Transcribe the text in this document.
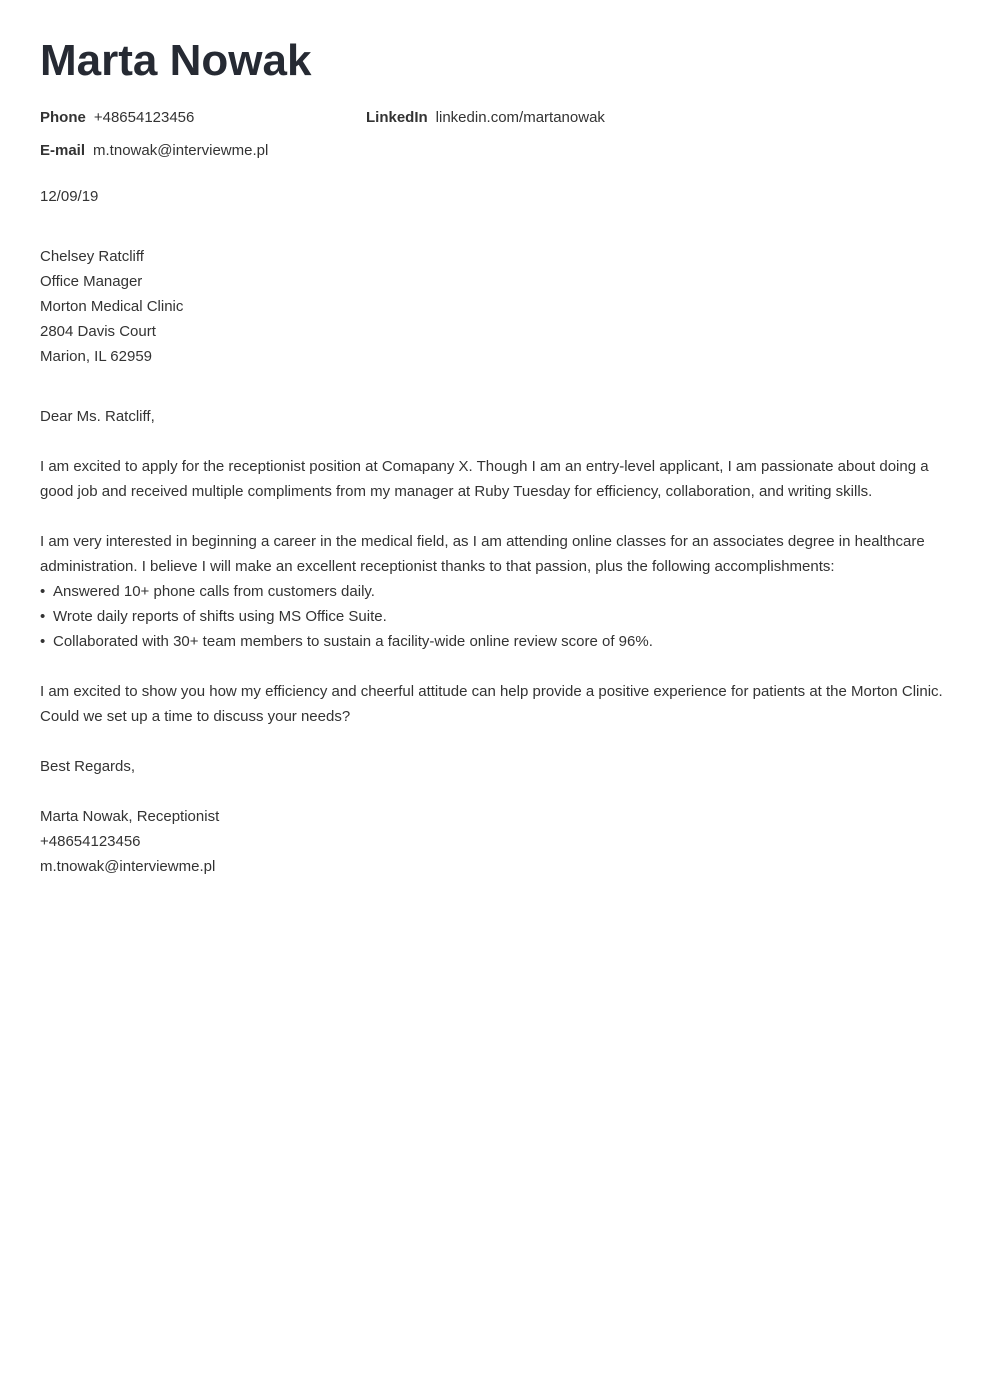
Marta Nowak
Phone +48654123456	LinkedIn linkedin.com/martanowak
E-mail m.tnowak@interviewme.pl
12/09/19
Chelsey Ratcliff
Office Manager
Morton Medical Clinic
2804 Davis Court
Marion, IL 62959
Dear Ms. Ratcliff,
I am excited to apply for the receptionist position at Comapany X. Though I am an entry-level applicant, I am passionate about doing a good job and received multiple compliments from my manager at Ruby Tuesday for efficiency, collaboration, and writing skills.
I am very interested in beginning a career in the medical field, as I am attending online classes for an associates degree in healthcare administration. I believe I will make an excellent receptionist thanks to that passion, plus the following accomplishments:
• Answered 10+ phone calls from customers daily.
• Wrote daily reports of shifts using MS Office Suite.
• Collaborated with 30+ team members to sustain a facility-wide online review score of 96%.
I am excited to show you how my efficiency and cheerful attitude can help provide a positive experience for patients at the Morton Clinic. Could we set up a time to discuss your needs?
Best Regards,
Marta Nowak, Receptionist
+48654123456
m.tnowak@interviewme.pl
